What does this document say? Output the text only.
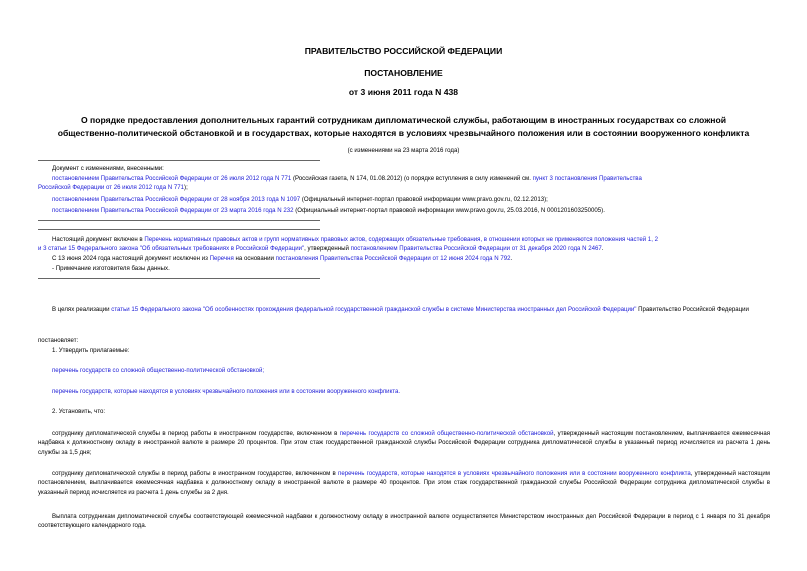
ПРАВИТЕЛЬСТВО РОССИЙСКОЙ ФЕДЕРАЦИИ
ПОСТАНОВЛЕНИЕ
от 3 июня 2011 года N 438
О порядке предоставления дополнительных гарантий сотрудникам дипломатической службы, работающим в иностранных государствах со сложной
общественно-политической обстановкой и в государствах, которые находятся в условиях чрезвычайного положения или в состоянии вооруженного конфликта
(с изменениями на 23 марта 2016 года)
Документ с изменениями, внесенными:
постановлением Правительства Российской Федерации от 26 июля 2012 года N 771 (Российская газета, N 174, 01.08.2012) (о порядке вступления в силу изменений см. пункт 3 постановления Правительства
Российской Федерации от 26 июля 2012 года N 771);
постановлением Правительства Российской Федерации от 28 ноября 2013 года N 1097 (Официальный интернет-портал правовой информации www.pravo.gov.ru, 02.12.2013);
постановлением Правительства Российской Федерации от 23 марта 2016 года N 232 (Официальный интернет-портал правовой информации www.pravo.gov.ru, 25.03.2016, N 0001201603250005).
Настоящий документ включен в Перечень нормативных правовых актов и групп нормативных правовых актов, содержащих обязательные требования, в отношении которых не применяются положения частей 1, 2
и 3 статьи 15 Федерального закона "Об обязательных требованиях в Российской Федерации", утвержденный постановлением Правительства Российской Федерации от 31 декабря 2020 года N 2467.
С 13 июня 2024 года настоящий документ исключен из Перечня на основании постановления Правительства Российской Федерации от 12 июня 2024 года N 792.
- Примечание изготовителя базы данных.
В целях реализации статьи 15 Федерального закона "Об особенностях прохождения федеральной государственной гражданской службы в системе Министерства иностранных дел Российской Федерации" Правительство Российской Федерации
постановляет:
1. Утвердить прилагаемые:
перечень государств со сложной общественно-политической обстановкой;
перечень государств, которые находятся в условиях чрезвычайного положения или в состоянии вооруженного конфликта.
2. Установить, что:
сотруднику дипломатической службы в период работы в иностранном государстве, включенном в перечень государств со сложной общественно-политической обстановкой, утвержденный настоящим постановлением, выплачивается ежемесячная надбавка к должностному окладу в иностранной валюте в размере 20 процентов. При этом стаж государственной гражданской службы Российской Федерации сотрудника дипломатической службы в указанный период исчисляется из расчета 1 день службы за 1,5 дня;
сотруднику дипломатической службы в период работы в иностранном государстве, включенном в перечень государств, которые находятся в условиях чрезвычайного положения или в состоянии вооруженного конфликта, утвержденный настоящим постановлением, выплачивается ежемесячная надбавка к должностному окладу в иностранной валюте в размере 40 процентов. При этом стаж государственной гражданской службы Российской Федерации сотрудника дипломатической службы в указанный период исчисляется из расчета 1 день службы за 2 дня.
Выплата сотрудникам дипломатической службы соответствующей ежемесячной надбавки к должностному окладу в иностранной валюте осуществляется Министерством иностранных дел Российской Федерации в период с 1 января по 31 декабря соответствующего календарного года.
